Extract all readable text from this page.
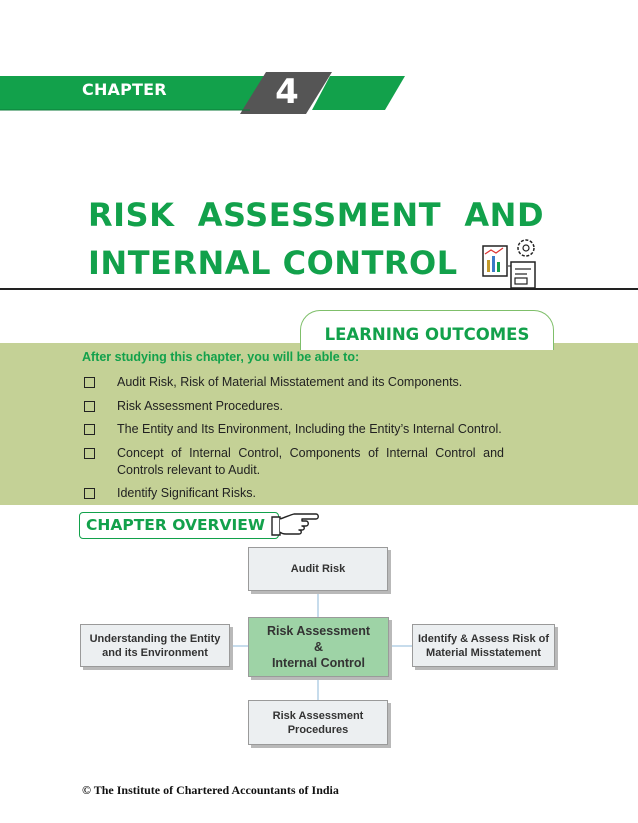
CHAPTER	4
RISK ASSESSMENT AND
INTERNAL CONTROL
LEARNING OUTCOMES
After studying this chapter, you will be able to:
Audit Risk, Risk of Material Misstatement and its Components.
Risk Assessment Procedures.
The Entity and Its Environment, Including the Entity’s Internal Control.
Concept of Internal Control, Components of Internal Control and Controls relevant to Audit.
Identify Significant Risks.
CHAPTER OVERVIEW
Audit Risk
Risk Assessment
&
Internal Control
Understanding the Entity
and its Environment
Identify & Assess Risk of
Material Misstatement
Risk Assessment
Procedures
© The Institute of Chartered Accountants of India
